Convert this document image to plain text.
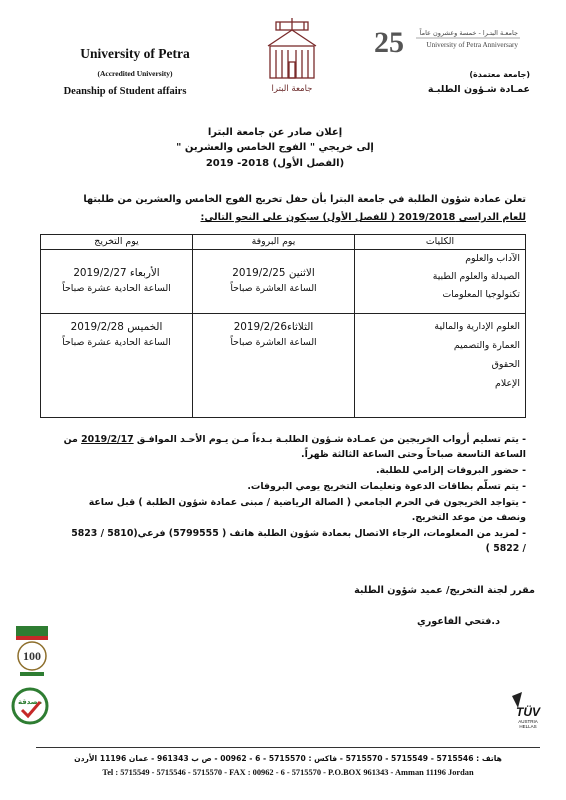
University of Petra
(Accredited University)
Deanship of Student affairs	جامعة البترا
25 جامعـة البتـرا - خمسة وعشرون عاماً
University of Petra Anniversary
(جامعة معتمدة)
عمـادة شـؤون الطلبـة
إعلان صادر عن جامعة البترا
إلى خريجي " الفوج الخامس والعشرين "
(الفصل الأول) 2018- 2019
تعلن عمادة شؤون الطلبة في جامعة البترا بأن حفل تخريج الفوج الخامس والعشرين من طلبتها
للعام الدراسي 2019/2018 ( للفصل الأول) سيكون على النحو التالي:
الكليات
يوم البروفة
يوم التخريج
الآداب والعلوم
الصيدلة والعلوم الطبية
تكنولوجيا المعلومات
الاثنين 2019/2/25
الساعة العاشرة صباحاً
الأربعاء 2019/2/27
الساعة الحادية عشرة صباحاً
العلوم الإدارية والمالية
العمارة والتصميم
الحقوق
الإعلام
الثلاثاء2019/2/26
الساعة العاشرة صباحاً
الخميس 2019/2/28
الساعة الحادية عشرة صباحاً
- يتم تسليم أرواب الخريجين من عمـادة شـؤون الطلبـة بـدءاً مـن يـوم الأحـد الموافـق 2019/2/17 من
الساعة التاسعة صباحاً وحتى الساعة الثالثة ظهراً.
- حضور البروفات إلزامي للطلبة.
- يتم تسلّم بطاقات الدعوة وتعليمات التخريج يومي البروفات.
- يتواجد الخريجون في الحرم الجامعي ( الصالة الرياضية / مبنى عمادة شؤون الطلبة ) قبل ساعة
ونصف من موعد التخريج.
- لمزيد من المعلومات، الرجاء الاتصال بعمادة شؤون الطلبة هاتف ( 5799555) فرعي(5810 / 5823
/ 5822 )
مقرر لجنة التخريج/ عميد شؤون الطلبة
د.فتحي الفاعوري
100
مصدقة
TÜV
AUSTRIA
HELLAS
هاتف : 5715546 - 5715549 - 5715570 - فاكس : 5715570 - 6 - 00962 - ص ب 961343 - عمان 11196 الأردن
Tel : 5715549 - 5715546 - 5715570 - FAX : 00962 - 6 - 5715570 - P.O.BOX 961343 - Amman 11196 Jordan
